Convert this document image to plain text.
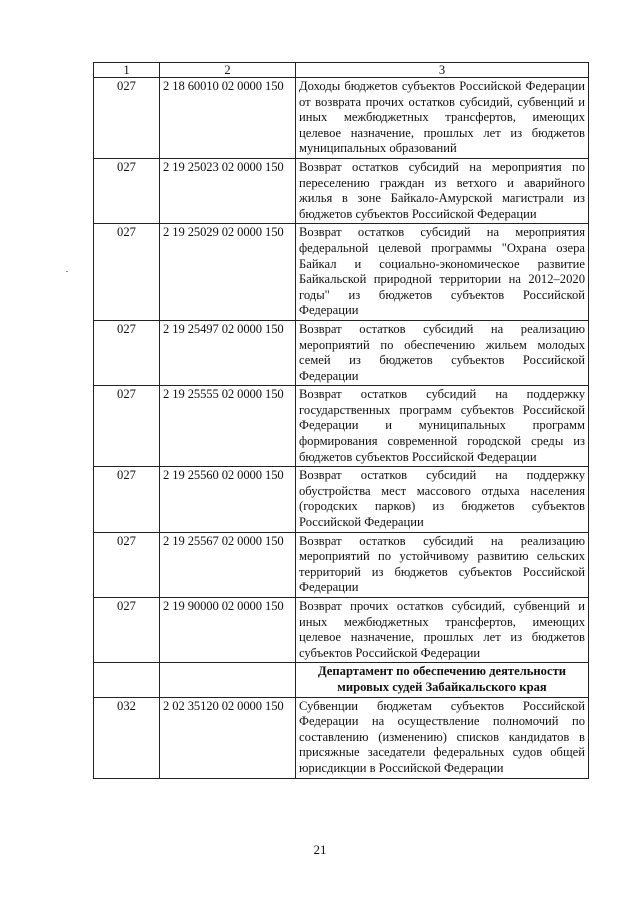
1	2	3
027	2 18 60010 02 0000 150	Доходы бюджетов субъектов Российской Федерации от возврата прочих остатков субсидий, субвенций и иных межбюджетных трансфертов, имеющих целевое назначение, прошлых лет из бюджетов муниципальных образований
027	2 19 25023 02 0000 150	Возврат остатков субсидий на мероприятия по переселению граждан из ветхого и аварийного жилья в зоне Байкало-Амурской магистрали из бюджетов субъектов Российской Федерации
027	2 19 25029 02 0000 150	Возврат остатков субсидий на мероприятия федеральной целевой программы "Охрана озера Байкал и социально-экономическое развитие Байкальской природной территории на 2012–2020 годы" из бюджетов субъектов Российской Федерации
027	2 19 25497 02 0000 150	Возврат остатков субсидий на реализацию мероприятий по обеспечению жильем молодых семей из бюджетов субъектов Российской Федерации
027	2 19 25555 02 0000 150	Возврат остатков субсидий на поддержку государственных программ субъектов Российской Федерации и муниципальных программ формирования современной городской среды из бюджетов субъектов Российской Федерации
027	2 19 25560 02 0000 150	Возврат остатков субсидий на поддержку обустройства мест массового отдыха населения (городских парков) из бюджетов субъектов Российской Федерации
027	2 19 25567 02 0000 150	Возврат остатков субсидий на реализацию мероприятий по устойчивому развитию сельских территорий из бюджетов субъектов Российской Федерации
027	2 19 90000 02 0000 150	Возврат прочих остатков субсидий, субвенций и иных межбюджетных трансфертов, имеющих целевое назначение, прошлых лет из бюджетов субъектов Российской Федерации
		Департамент по обеспечению деятельности мировых судей Забайкальского края
032	2 02 35120 02 0000 150	Субвенции бюджетам субъектов Российской Федерации на осуществление полномочий по составлению (изменению) списков кандидатов в присяжные заседатели федеральных судов общей юрисдикции в Российской Федерации
21
